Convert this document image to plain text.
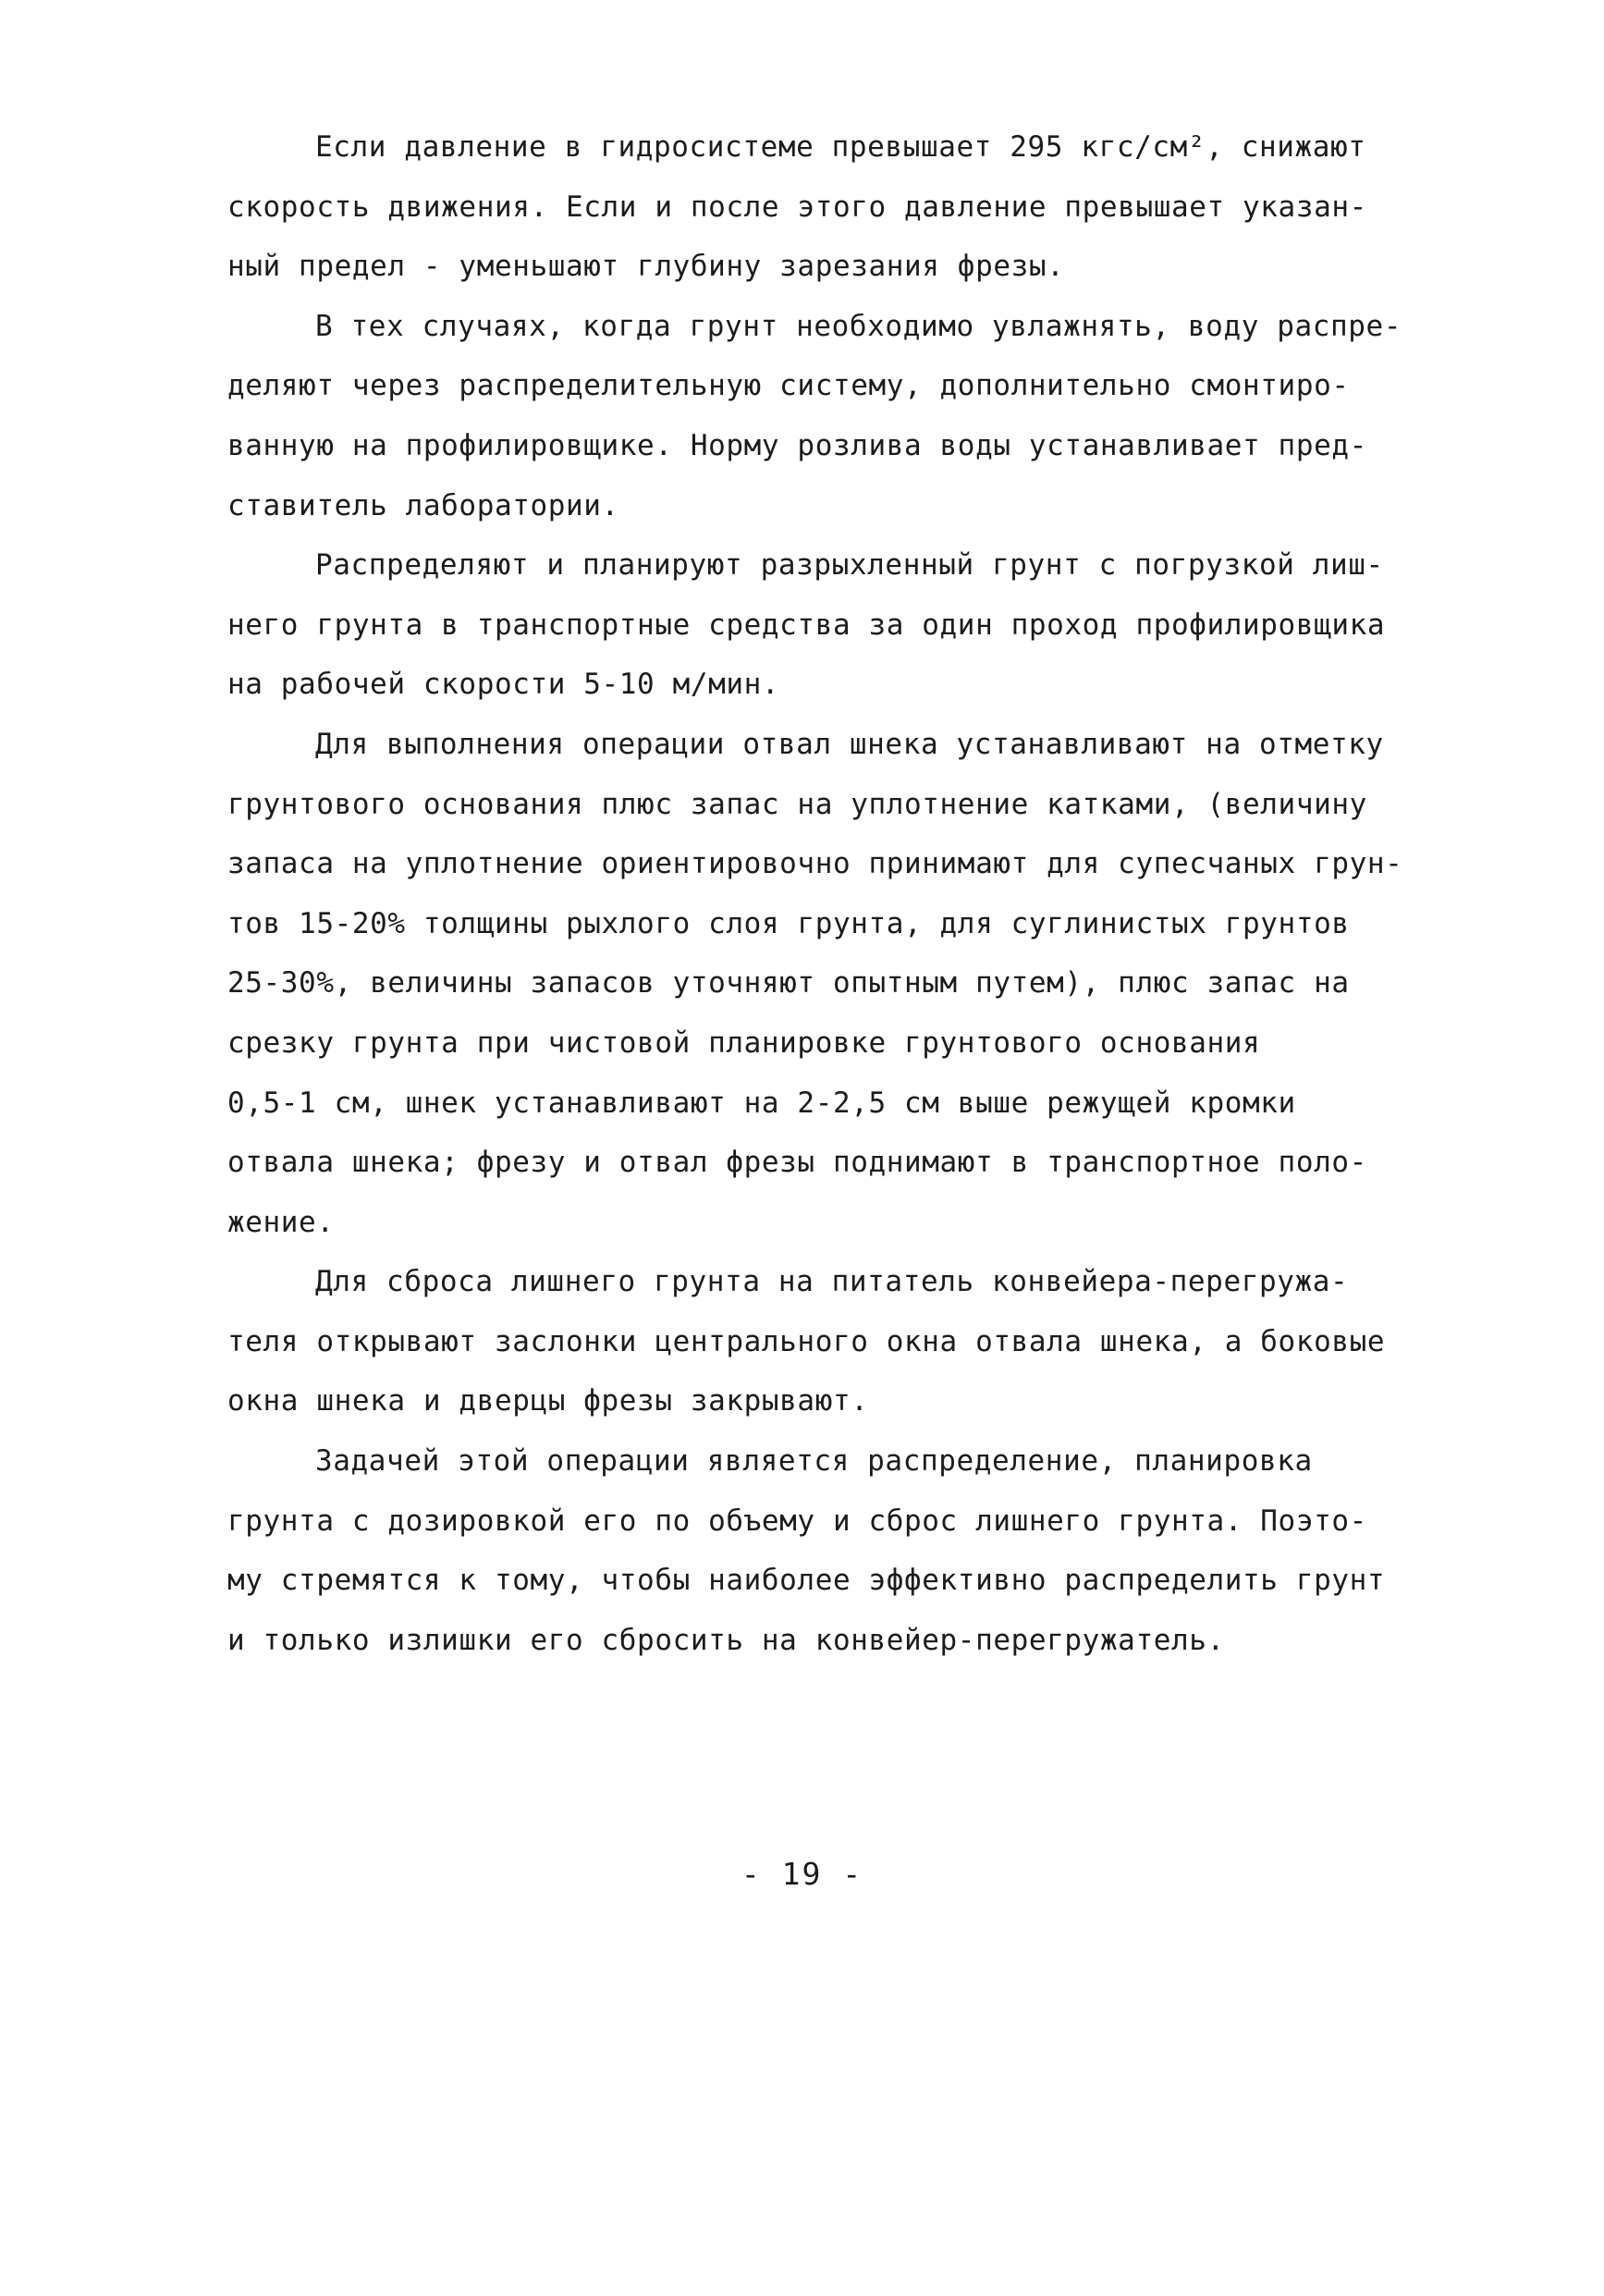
Если давление в гидросистеме превышает 295 кгс/см², снижают
скорость движения. Если и после этого давление превышает указан-
ный предел - уменьшают глубину зарезания фрезы.
В тех случаях, когда грунт необходимо увлажнять, воду распре-
деляют через распределительную систему, дополнительно смонтиро-
ванную на профилировщике. Норму розлива воды устанавливает пред-
ставитель лаборатории.
Распределяют и планируют разрыхленный грунт с погрузкой лиш-
него грунта в транспортные средства за один проход профилировщика
на рабочей скорости 5-10 м/мин.
Для выполнения операции отвал шнека устанавливают на отметку
грунтового основания плюс запас на уплотнение катками, (величину
запаса на уплотнение ориентировочно принимают для супесчаных грун-
тов 15-20% толщины рыхлого слоя грунта, для суглинистых грунтов
25-30%, величины запасов уточняют опытным путем), плюс запас на
срезку грунта при чистовой планировке грунтового основания
0,5-1 см, шнек устанавливают на 2-2,5 см выше режущей кромки
отвала шнека; фрезу и отвал фрезы поднимают в транспортное поло-
жение.
Для сброса лишнего грунта на питатель конвейера-перегружа-
теля открывают заслонки центрального окна отвала шнека, а боковые
окна шнека и дверцы фрезы закрывают.
Задачей этой операции является распределение, планировка
грунта с дозировкой его по объему и сброс лишнего грунта. Поэто-
му стремятся к тому, чтобы наиболее эффективно распределить грунт
и только излишки его сбросить на конвейер-перегружатель.
- 19 -
